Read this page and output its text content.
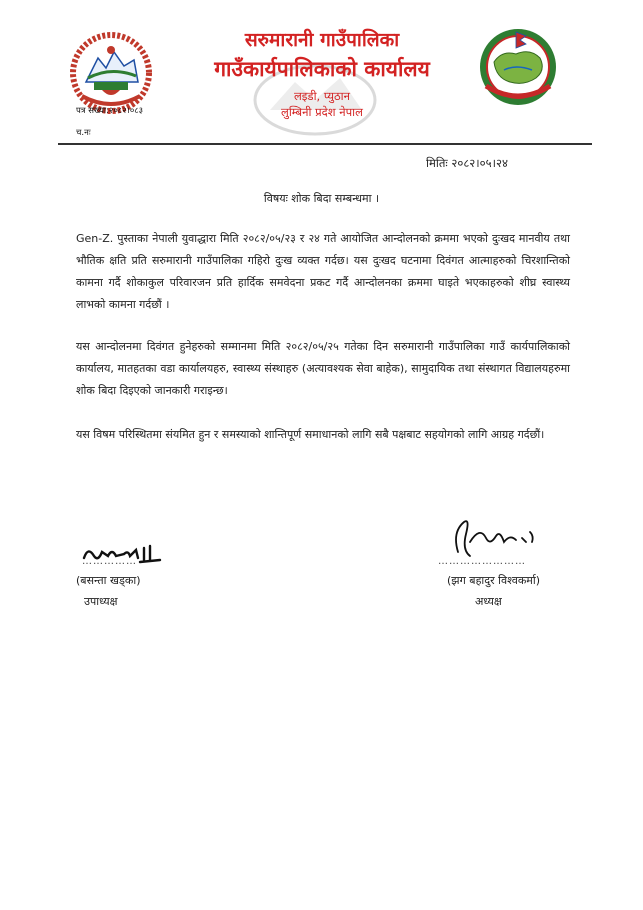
सरुमारानी गाउँपालिका
गाउँकार्यपालिकाको कार्यालय
लइडी, प्युठान
लुम्बिनी प्रदेश नेपाल
पत्र सख्या:२०८२।०८३
च.नः
मितिः २०८२।०५।२४
विषयः शोक बिदा सम्बन्धमा ।

Gen-Z. पुस्ताका नेपाली युवाद्धारा मिति २०८२/०५/२३ र २४ गते आयोजित आन्दोलनको क्रममा भएको दुःखद मानवीय तथा भौतिक क्षति प्रति सरुमारानी गाउँपालिका गहिरो दुःख व्यक्त गर्दछ। यस दुःखद घटनामा दिवंगत आत्माहरुको चिरशान्तिको कामना गर्दै शोकाकुल परिवारजन प्रति हार्दिक समवेदना प्रकट गर्दै आन्दोलनका क्रममा घाइते भएकाहरुको शीघ्र स्वास्थ्य लाभको कामना गर्दछौं ।

यस आन्दोलनमा दिवंगत हुनेहरुको सम्मानमा मिति २०८२/०५/२५ गतेका दिन सरुमारानी गाउँपालिका गाउँ कार्यपालिकाको कार्यालय, मातहतका वडा कार्यालयहरु, स्वास्थ्य संस्थाहरु (अत्यावश्यक सेवा बाहेक), सामुदायिक तथा संस्थागत विद्यालयहरुमा शोक बिदा दिइएको जानकारी गराइन्छ।

यस विषम परिस्थितमा संयमित हुन र समस्याको शान्तिपूर्ण समाधानको लागि सबै पक्षबाट सहयोगको लागि आग्रह गर्दछौं।

……………	……………………
(बसन्ता खड्का)
उपाध्यक्ष
(झग बहादुर विश्वकर्मा)
अध्यक्ष
